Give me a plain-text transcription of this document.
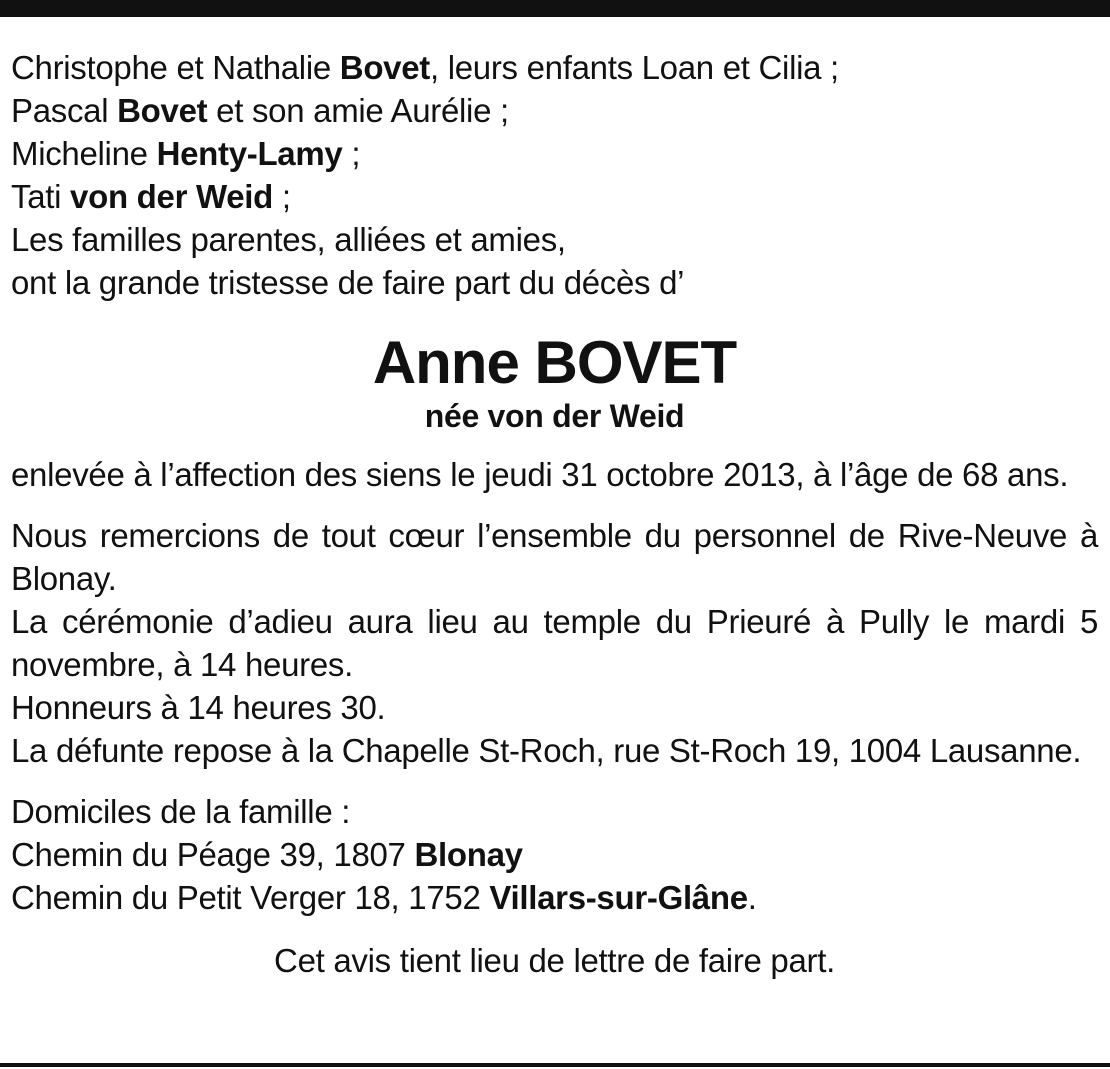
Christophe et Nathalie Bovet, leurs enfants Loan et Cilia ;
Pascal Bovet et son amie Aurélie ;
Micheline Henty-Lamy ;
Tati von der Weid ;
Les familles parentes, alliées et amies,
ont la grande tristesse de faire part du décès d’
Anne BOVET
née von der Weid
enlevée à l’affection des siens le jeudi 31 octobre 2013, à l’âge de 68 ans.
Nous remercions de tout cœur l’ensemble du personnel de Rive-Neuve à Blonay.
La cérémonie d’adieu aura lieu au temple du Prieuré à Pully le mardi 5 novembre, à 14 heures.
Honneurs à 14 heures 30.
La défunte repose à la Chapelle St-Roch, rue St-Roch 19, 1004 Lausanne.
Domiciles de la famille :
Chemin du Péage 39, 1807 Blonay
Chemin du Petit Verger 18, 1752 Villars-sur-Glâne.
Cet avis tient lieu de lettre de faire part.
